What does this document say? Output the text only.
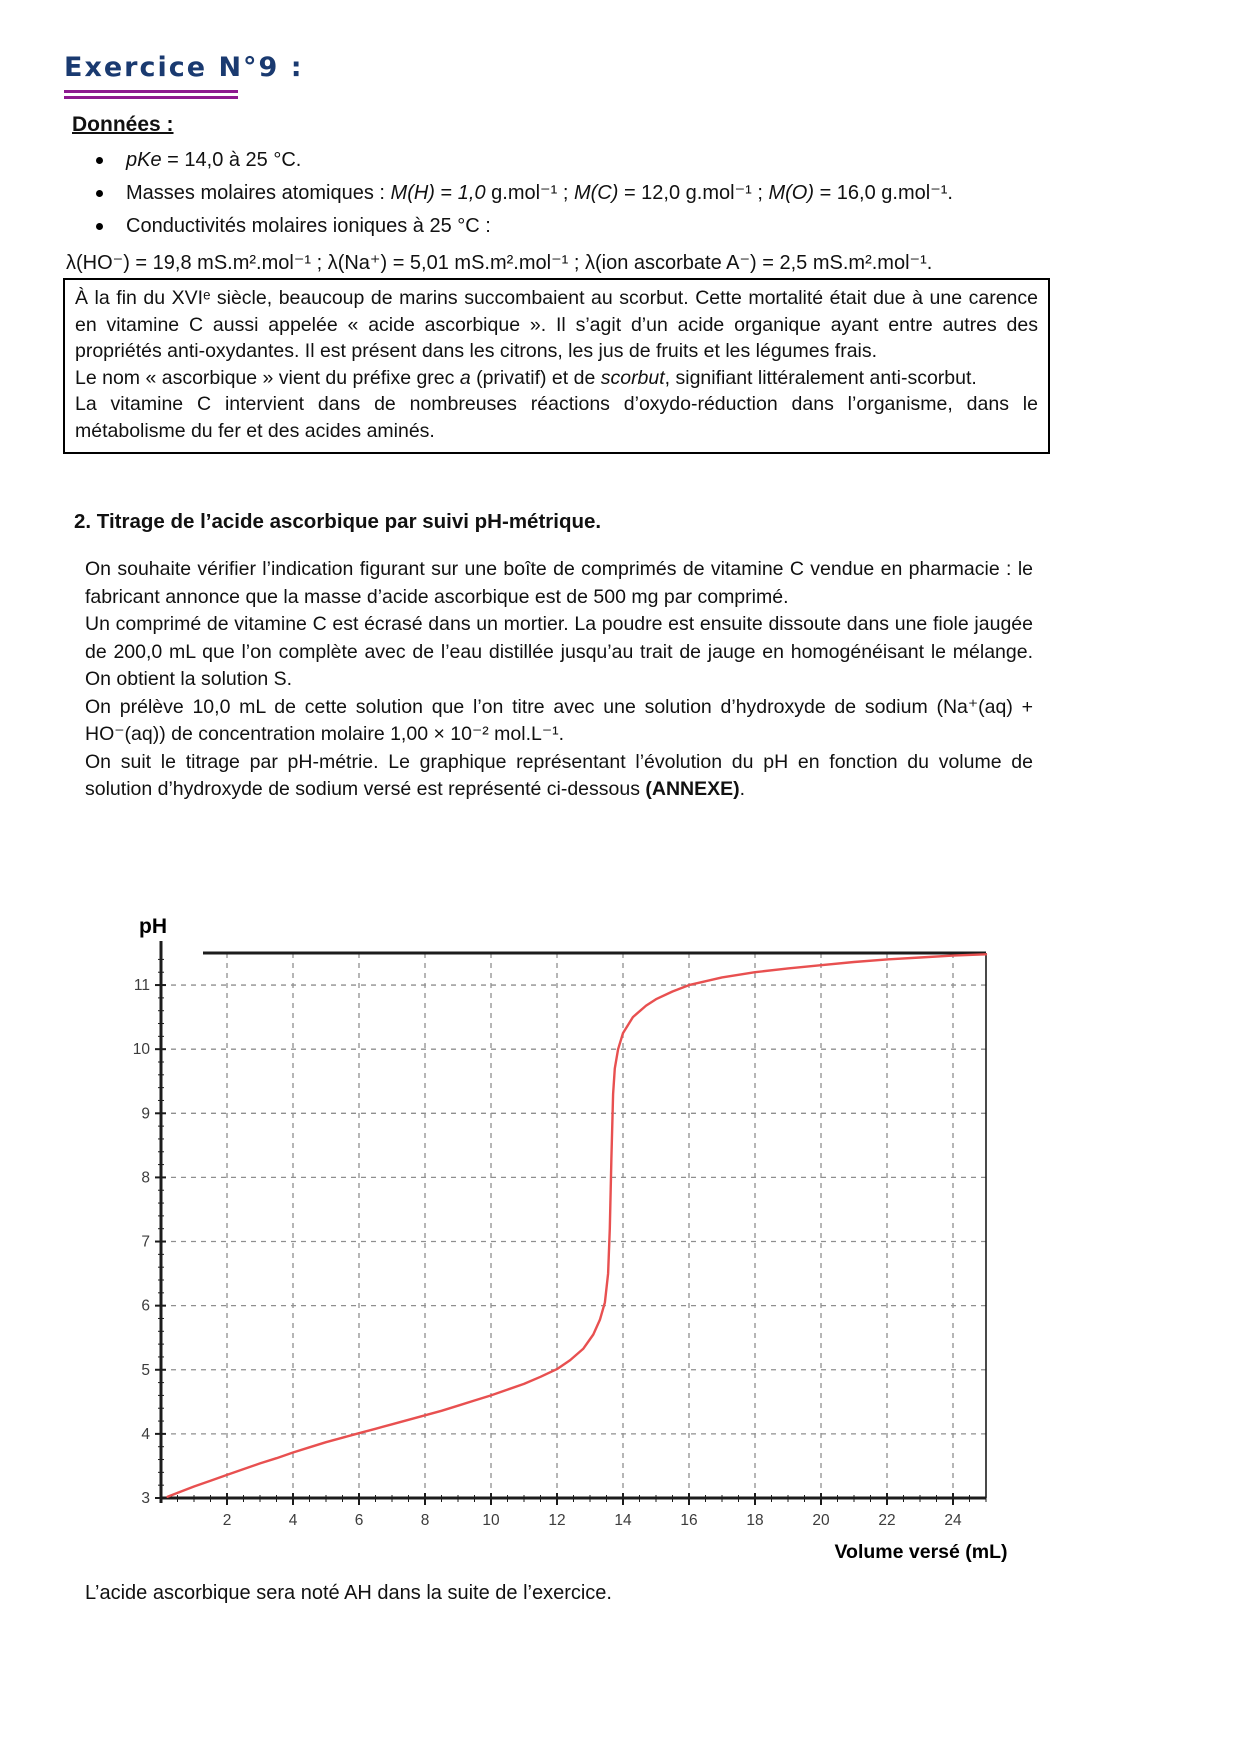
Exercice N°9 :
Données :
pKe = 14,0 à 25 °C.
Masses molaires atomiques : M(H) = 1,0 g.mol⁻¹ ; M(C) = 12,0 g.mol⁻¹ ; M(O) = 16,0 g.mol⁻¹.
Conductivités molaires ioniques à 25 °C :
λ(HO⁻) = 19,8 mS.m².mol⁻¹ ; λ(Na⁺) = 5,01 mS.m².mol⁻¹ ; λ(ion ascorbate A⁻) = 2,5 mS.m².mol⁻¹.

À la fin du XVIᵉ siècle, beaucoup de marins succombaient au scorbut. Cette mortalité était due à une carence en vitamine C aussi appelée « acide ascorbique ». Il s’agit d’un acide organique ayant entre autres des propriétés anti-oxydantes. Il est présent dans les citrons, les jus de fruits et les légumes frais.

Le nom « ascorbique » vient du préfixe grec a (privatif) et de scorbut, signifiant littéralement anti-scorbut.

La vitamine C intervient dans de nombreuses réactions d’oxydo-réduction dans l’organisme, dans le métabolisme du fer et des acides aminés.

2. Titrage de l’acide ascorbique par suivi pH-métrique.

On souhaite vérifier l’indication figurant sur une boîte de comprimés de vitamine C vendue en pharmacie : le fabricant annonce que la masse d’acide ascorbique est de 500 mg par comprimé.

Un comprimé de vitamine C est écrasé dans un mortier. La poudre est ensuite dissoute dans une fiole jaugée de 200,0 mL que l’on complète avec de l’eau distillée jusqu’au trait de jauge en homogénéisant le mélange. On obtient la solution S.

On prélève 10,0 mL de cette solution que l’on titre avec une solution d’hydroxyde de sodium (Na⁺(aq) + HO⁻(aq)) de concentration molaire 1,00 × 10⁻² mol.L⁻¹.

On suit le titrage par pH-métrie. Le graphique représentant l’évolution du pH en fonction du volume de solution d’hydroxyde de sodium versé est représenté ci-dessous (ANNEXE).

3
4
5
6
7
8
9
10
11
2	4	6	8	10	12	14	16	18	20	22	24
pH
Volume versé (mL)
L’acide ascorbique sera noté AH dans la suite de l’exercice.
